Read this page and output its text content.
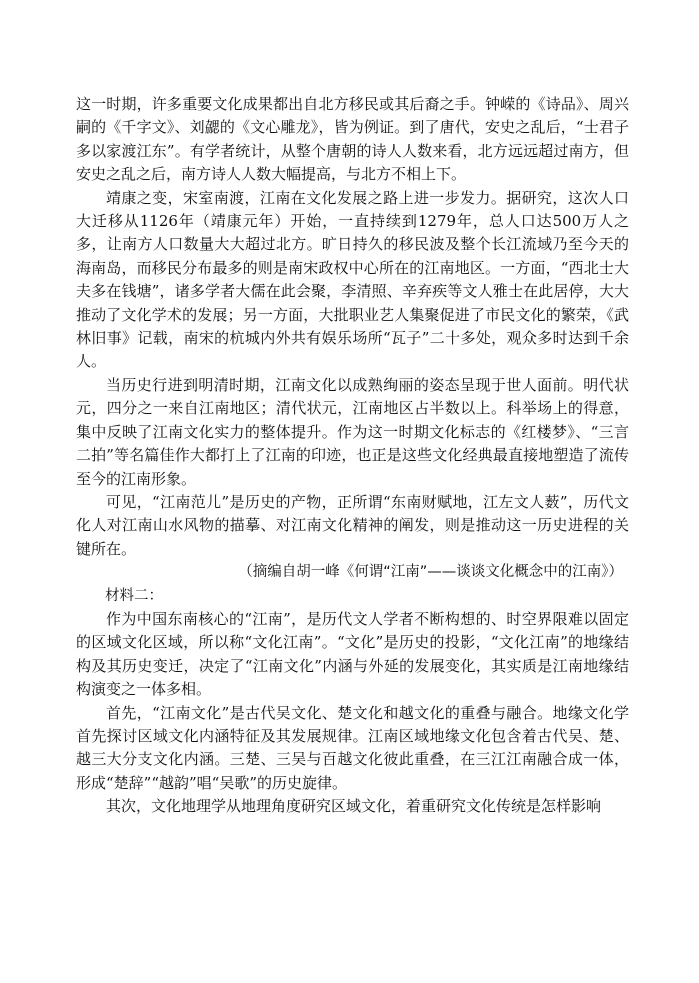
这一时期，许多重要文化成果都出自北方移民或其后裔之手。钟嵘的《诗品》、周兴嗣的《千字文》、刘勰的《文心雕龙》，皆为例证。到了唐代，安史之乱后，“士君子多以家渡江东”。有学者统计，从整个唐朝的诗人人数来看，北方远远超过南方，但安史之乱之后，南方诗人人数大幅提高，与北方不相上下。

靖康之变，宋室南渡，江南在文化发展之路上进一步发力。据研究，这次人口大迁移从1126年（靖康元年）开始，一直持续到1279年，总人口达500万人之多，让南方人口数量大大超过北方。旷日持久的移民波及整个长江流域乃至今天的海南岛，而移民分布最多的则是南宋政权中心所在的江南地区。一方面，“西北士大夫多在钱塘”，诸多学者大儒在此会聚，李清照、辛弃疾等文人雅士在此居停，大大推动了文化学术的发展；另一方面，大批职业艺人集聚促进了市民文化的繁荣，《武林旧事》记载，南宋的杭城内外共有娱乐场所“瓦子”二十多处，观众多时达到千余人。

当历史行进到明清时期，江南文化以成熟绚丽的姿态呈现于世人面前。明代状元，四分之一来自江南地区；清代状元，江南地区占半数以上。科举场上的得意，集中反映了江南文化实力的整体提升。作为这一时期文化标志的《红楼梦》、“三言二拍”等名篇佳作大都打上了江南的印迹，也正是这些文化经典最直接地塑造了流传至今的江南形象。

可见，“江南范儿”是历史的产物，正所谓“东南财赋地，江左文人薮”，历代文化人对江南山水风物的描摹、对江南文化精神的阐发，则是推动这一历史进程的关键所在。

（摘编自胡一峰《何谓“江南”——谈谈文化概念中的江南》）

材料二：

作为中国东南核心的“江南”，是历代文人学者不断构想的、时空界限难以固定的区域文化区域，所以称“文化江南”。“文化”是历史的投影，“文化江南”的地缘结构及其历史变迁，决定了“江南文化”内涵与外延的发展变化，其实质是江南地缘结构演变之一体多相。

首先，“江南文化”是古代吴文化、楚文化和越文化的重叠与融合。地缘文化学首先探讨区域文化内涵特征及其发展规律。江南区域地缘文化包含着古代吴、楚、越三大分支文化内涵。三楚、三吴与百越文化彼此重叠，在三江江南融合成一体，形成“楚辞”“越韵”唱“吴歌”的历史旋律。

其次，文化地理学从地理角度研究区域文化，着重研究文化传统是怎样影响
